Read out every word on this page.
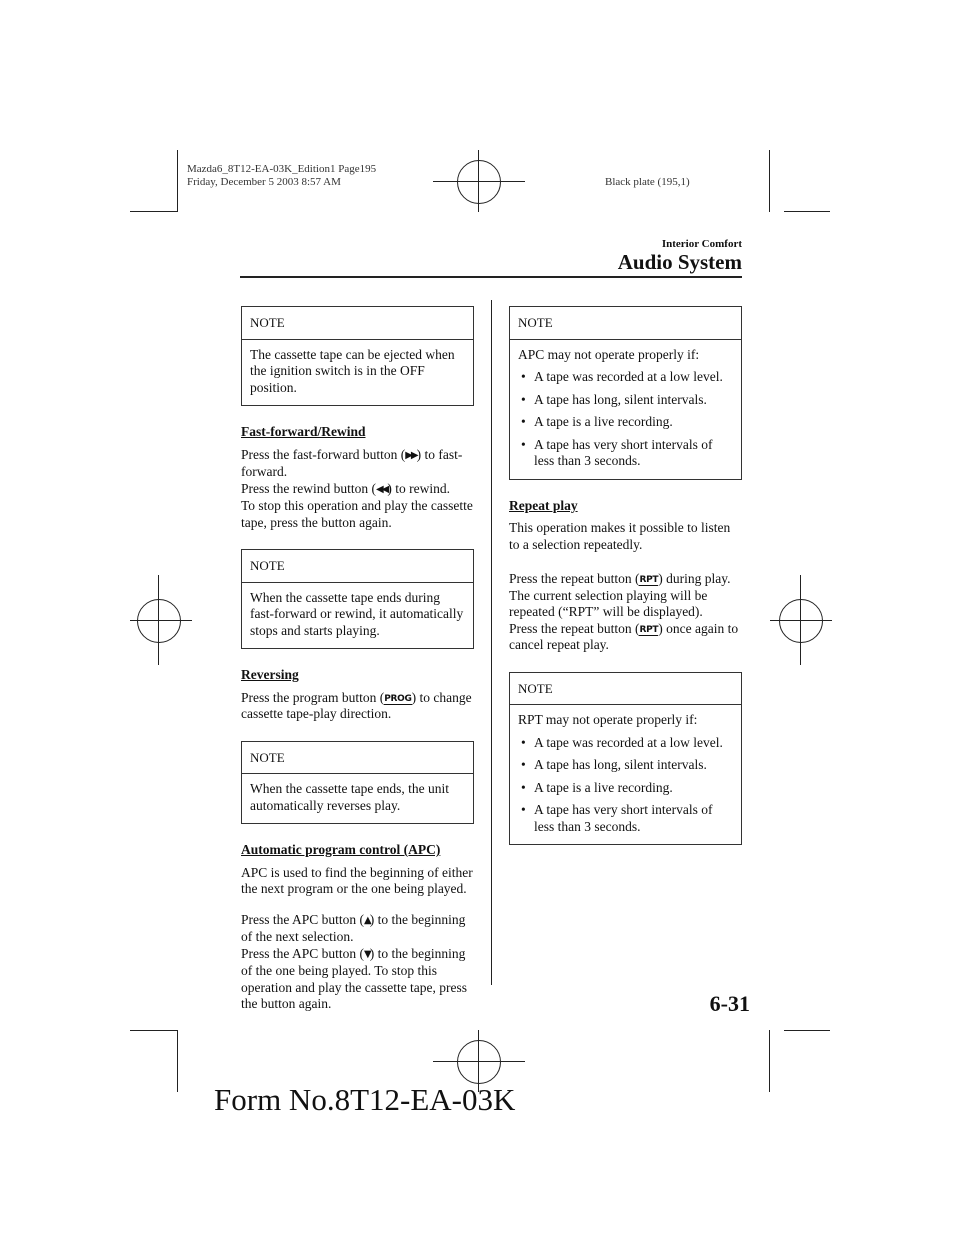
Mazda6_8T12-EA-03K_Edition1 Page195
Friday, December 5 2003 8:57 AM	Black plate (195,1)
Interior Comfort
Audio System
NOTE
The cassette tape can be ejected when the ignition switch is in the OFF position.
Fast-forward/Rewind

Press the fast-forward button (▶▶) to fast-forward.
Press the rewind button (◀◀) to rewind.
To stop this operation and play the cassette tape, press the button again.

NOTE
When the cassette tape ends during fast-forward or rewind, it automatically stops and starts playing.
Reversing

Press the program button (PROG) to change cassette tape-play direction.

NOTE
When the cassette tape ends, the unit automatically reverses play.
Automatic program control (APC)

APC is used to find the beginning of either the next program or the one being played.

Press the APC button (▲) to the beginning of the next selection.
Press the APC button (▼) to the beginning of the one being played. To stop this operation and play the cassette tape, press the button again.

NOTE
APC may not operate properly if:
• A tape was recorded at a low level.
• A tape has long, silent intervals.
• A tape is a live recording.
• A tape has very short intervals of less than 3 seconds.
Repeat play

This operation makes it possible to listen to a selection repeatedly.

Press the repeat button (RPT) during play. The current selection playing will be repeated (“RPT” will be displayed).
Press the repeat button (RPT) once again to cancel repeat play.

NOTE
RPT may not operate properly if:
• A tape was recorded at a low level.
• A tape has long, silent intervals.
• A tape is a live recording.
• A tape has very short intervals of less than 3 seconds.
6-31
Form No.8T12-EA-03K
